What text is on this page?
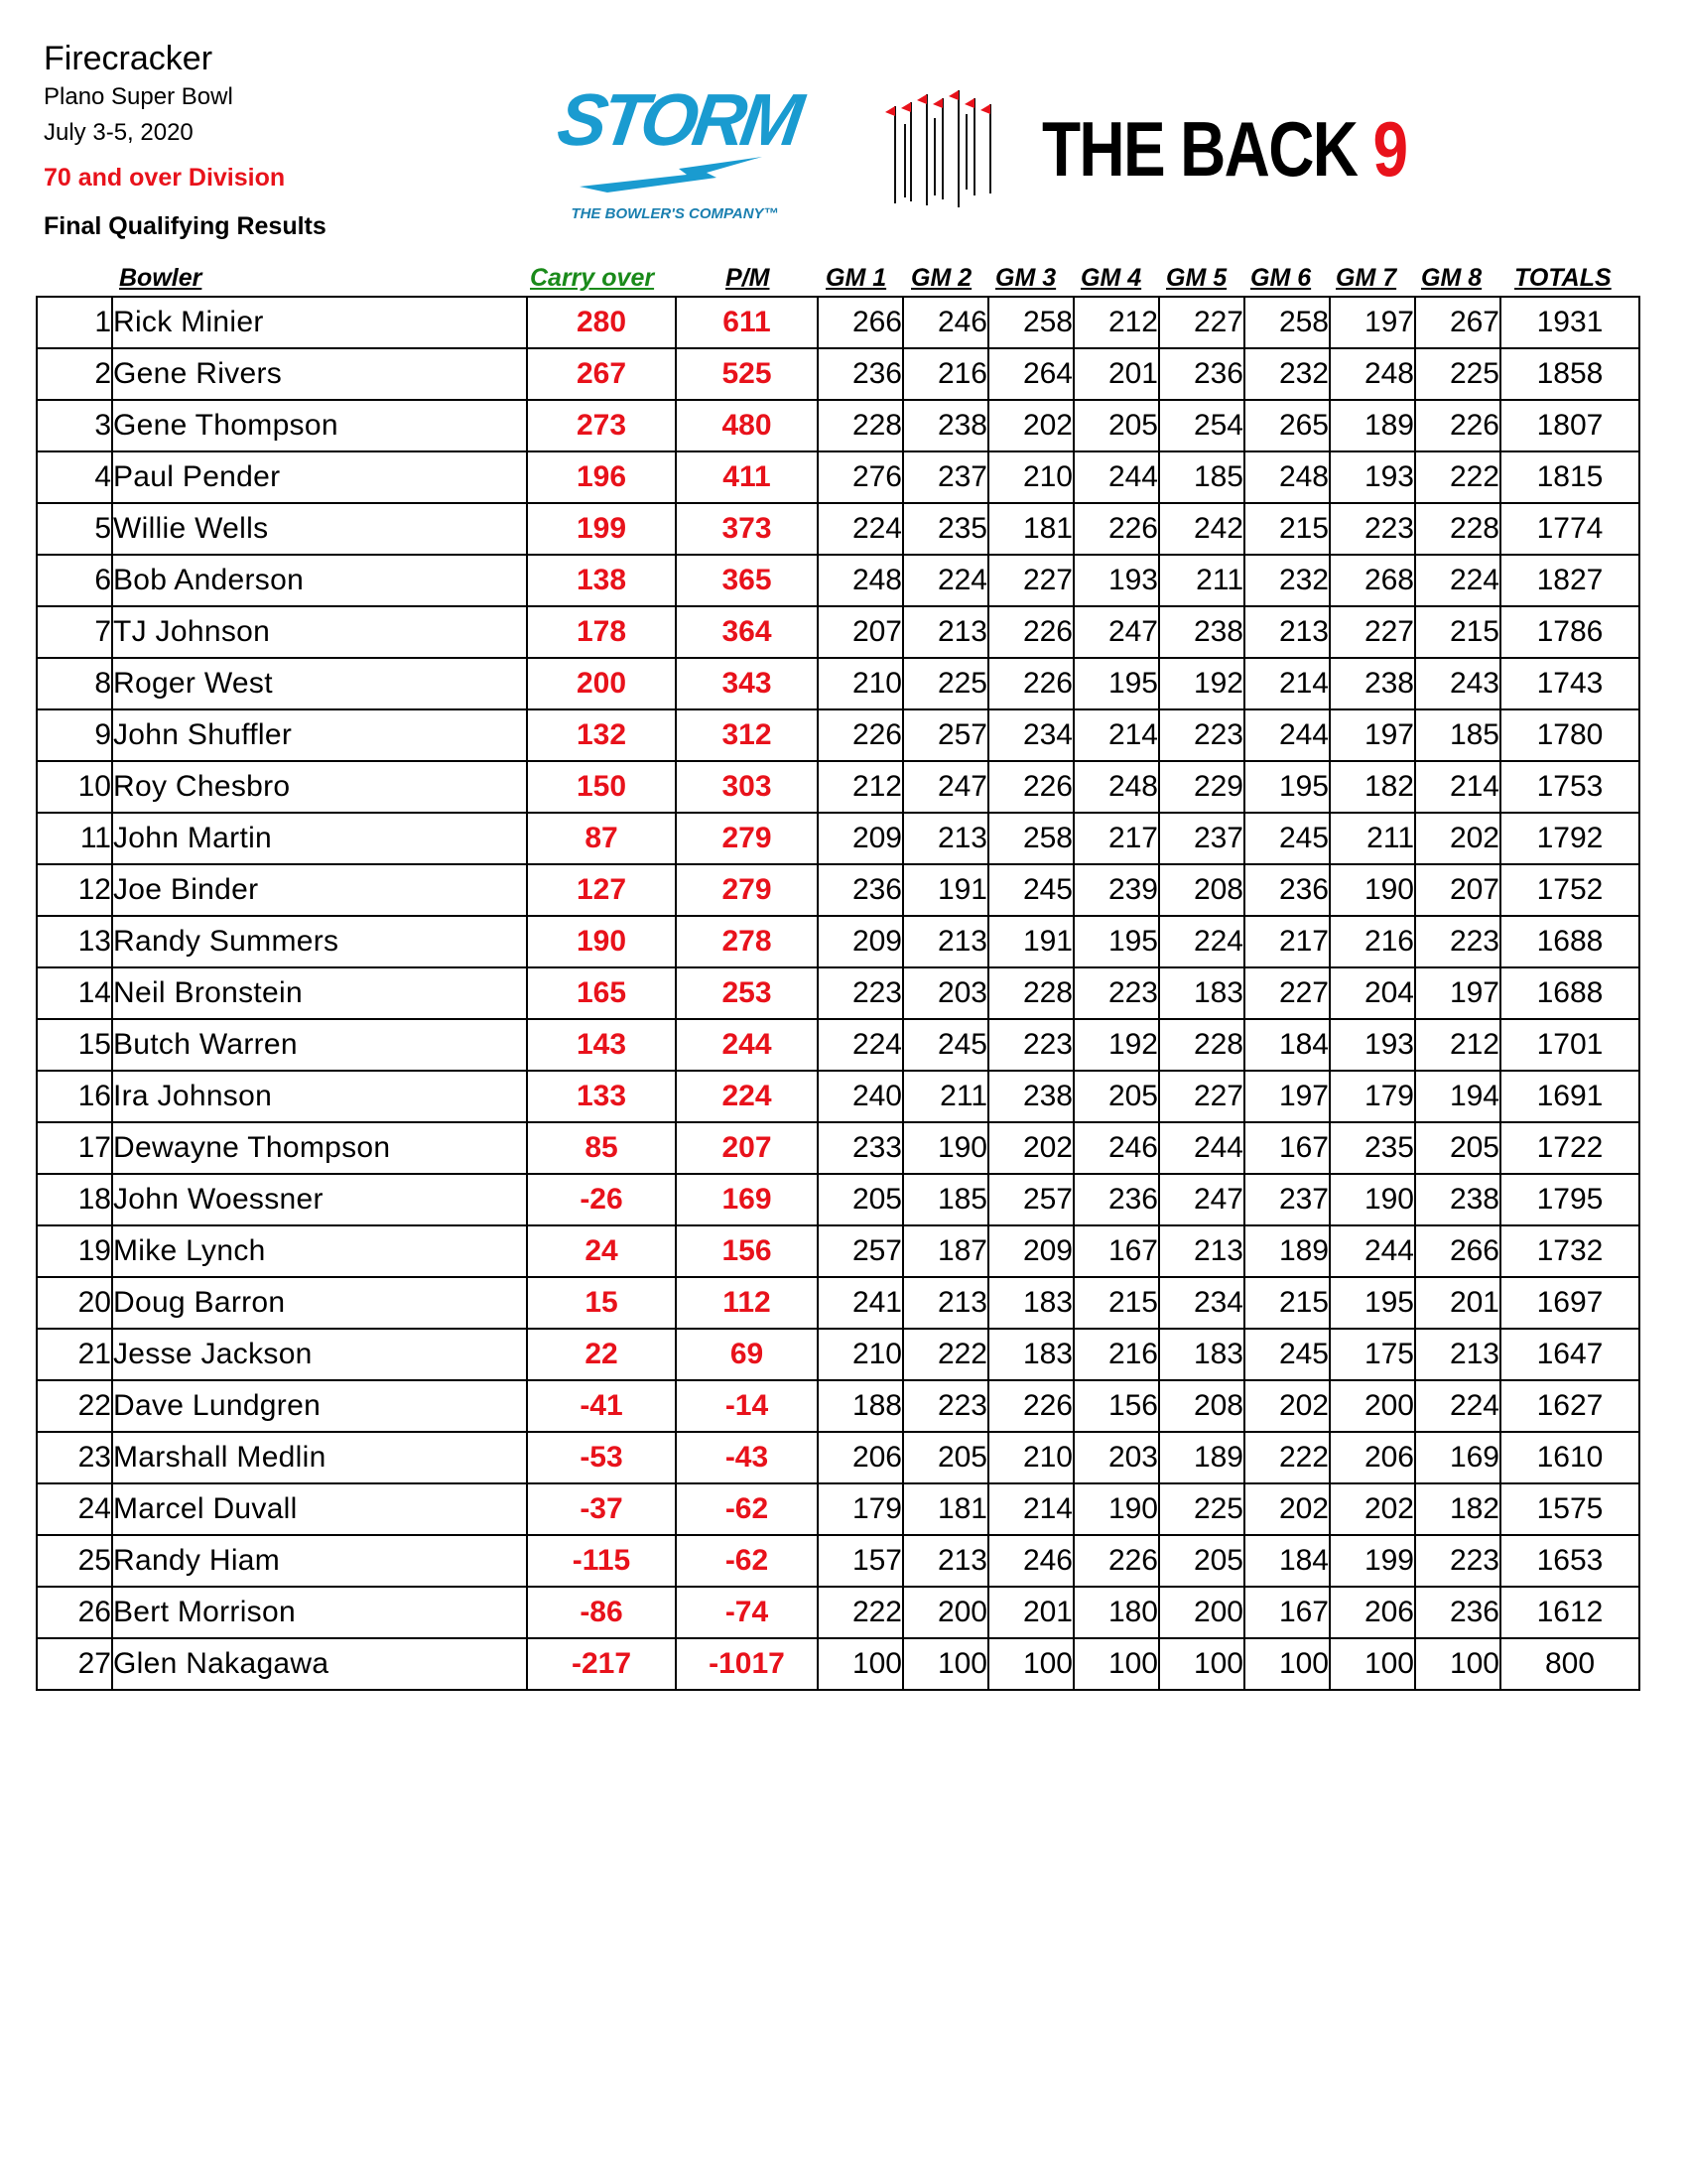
Firecracker
Plano Super Bowl
July 3-5, 2020
70 and over Division
Final Qualifying Results
STORM
THE BOWLER'S COMPANY™
THE BACK 9
Bowler	Carry over	P/M GM 1 GM 2 GM 3 GM 4 GM 5 GM 6 GM 7 GM 8 TOTALS
1	Rick Minier	280	611	266	246	258	212	227	258	197	267	1931
2	Gene Rivers	267	525	236	216	264	201	236	232	248	225	1858
3	Gene Thompson	273	480	228	238	202	205	254	265	189	226	1807
4	Paul Pender	196	411	276	237	210	244	185	248	193	222	1815
5	Willie Wells	199	373	224	235	181	226	242	215	223	228	1774
6	Bob Anderson	138	365	248	224	227	193	211	232	268	224	1827
7	TJ Johnson	178	364	207	213	226	247	238	213	227	215	1786
8	Roger West	200	343	210	225	226	195	192	214	238	243	1743
9	John Shuffler	132	312	226	257	234	214	223	244	197	185	1780
10	Roy Chesbro	150	303	212	247	226	248	229	195	182	214	1753
11	John Martin	87	279	209	213	258	217	237	245	211	202	1792
12	Joe Binder	127	279	236	191	245	239	208	236	190	207	1752
13	Randy Summers	190	278	209	213	191	195	224	217	216	223	1688
14	Neil Bronstein	165	253	223	203	228	223	183	227	204	197	1688
15	Butch Warren	143	244	224	245	223	192	228	184	193	212	1701
16	Ira Johnson	133	224	240	211	238	205	227	197	179	194	1691
17	Dewayne Thompson	85	207	233	190	202	246	244	167	235	205	1722
18	John Woessner	-26	169	205	185	257	236	247	237	190	238	1795
19	Mike Lynch	24	156	257	187	209	167	213	189	244	266	1732
20	Doug Barron	15	112	241	213	183	215	234	215	195	201	1697
21	Jesse Jackson	22	69	210	222	183	216	183	245	175	213	1647
22	Dave Lundgren	-41	-14	188	223	226	156	208	202	200	224	1627
23	Marshall Medlin	-53	-43	206	205	210	203	189	222	206	169	1610
24	Marcel Duvall	-37	-62	179	181	214	190	225	202	202	182	1575
25	Randy Hiam	-115	-62	157	213	246	226	205	184	199	223	1653
26	Bert Morrison	-86	-74	222	200	201	180	200	167	206	236	1612
27	Glen Nakagawa	-217	-1017	100	100	100	100	100	100	100	100	800
